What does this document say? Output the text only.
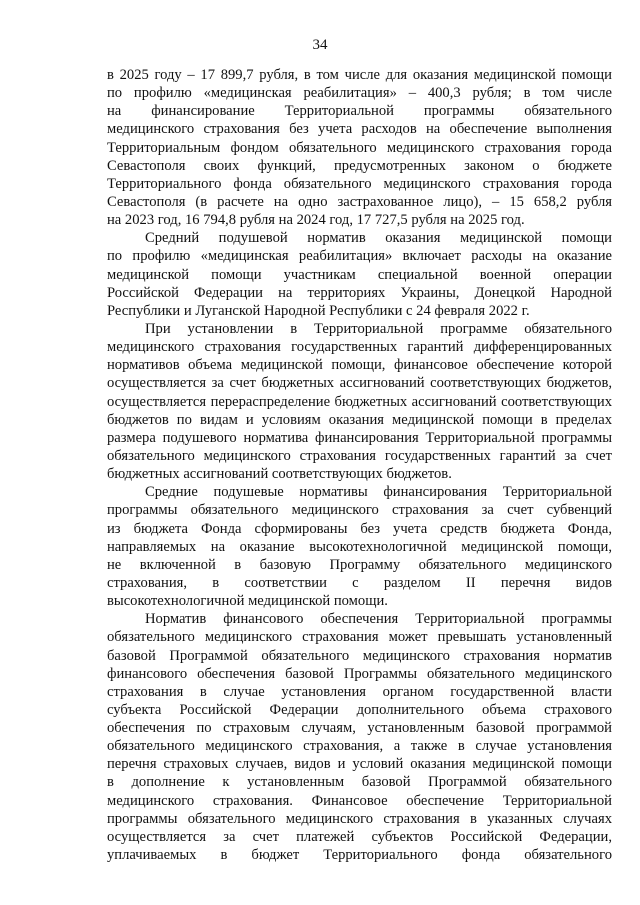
34
в 2025 году – 17 899,7 рубля, в том числе для оказания медицинской помощи
по профилю «медицинская реабилитация» – 400,3 рубля; в том числе
на финансирование Территориальной программы обязательного
медицинского страхования без учета расходов на обеспечение выполнения
Территориальным фондом обязательного медицинского страхования города
Севастополя своих функций, предусмотренных законом о бюджете
Территориального фонда обязательного медицинского страхования города
Севастополя (в расчете на одно застрахованное лицо), – 15 658,2 рубля
на 2023 год, 16 794,8 рубля на 2024 год, 17 727,5 рубля на 2025 год.
Средний подушевой норматив оказания медицинской помощи
по профилю «медицинская реабилитация» включает расходы на оказание
медицинской помощи участникам специальной военной операции
Российской Федерации на территориях Украины, Донецкой Народной
Республики и Луганской Народной Республики с 24 февраля 2022 г.
При установлении в Территориальной программе обязательного
медицинского страхования государственных гарантий дифференцированных
нормативов объема медицинской помощи, финансовое обеспечение которой
осуществляется за счет бюджетных ассигнований соответствующих бюджетов,
осуществляется перераспределение бюджетных ассигнований соответствующих
бюджетов по видам и условиям оказания медицинской помощи в пределах
размера подушевого норматива финансирования Территориальной программы
обязательного медицинского страхования государственных гарантий за счет
бюджетных ассигнований соответствующих бюджетов.
Средние подушевые нормативы финансирования Территориальной
программы обязательного медицинского страхования за счет субвенций
из бюджета Фонда сформированы без учета средств бюджета Фонда,
направляемых на оказание высокотехнологичной медицинской помощи,
не включенной в базовую Программу обязательного медицинского
страхования, в соответствии с разделом II перечня видов
высокотехнологичной медицинской помощи.
Норматив финансового обеспечения Территориальной программы
обязательного медицинского страхования может превышать установленный
базовой Программой обязательного медицинского страхования норматив
финансового обеспечения базовой Программы обязательного медицинского
страхования в случае установления органом государственной власти
субъекта Российской Федерации дополнительного объема страхового
обеспечения по страховым случаям, установленным базовой программой
обязательного медицинского страхования, а также в случае установления
перечня страховых случаев, видов и условий оказания медицинской помощи
в дополнение к установленным базовой Программой обязательного
медицинского страхования. Финансовое обеспечение Территориальной
программы обязательного медицинского страхования в указанных случаях
осуществляется за счет платежей субъектов Российской Федерации,
уплачиваемых в бюджет Территориального фонда обязательного
